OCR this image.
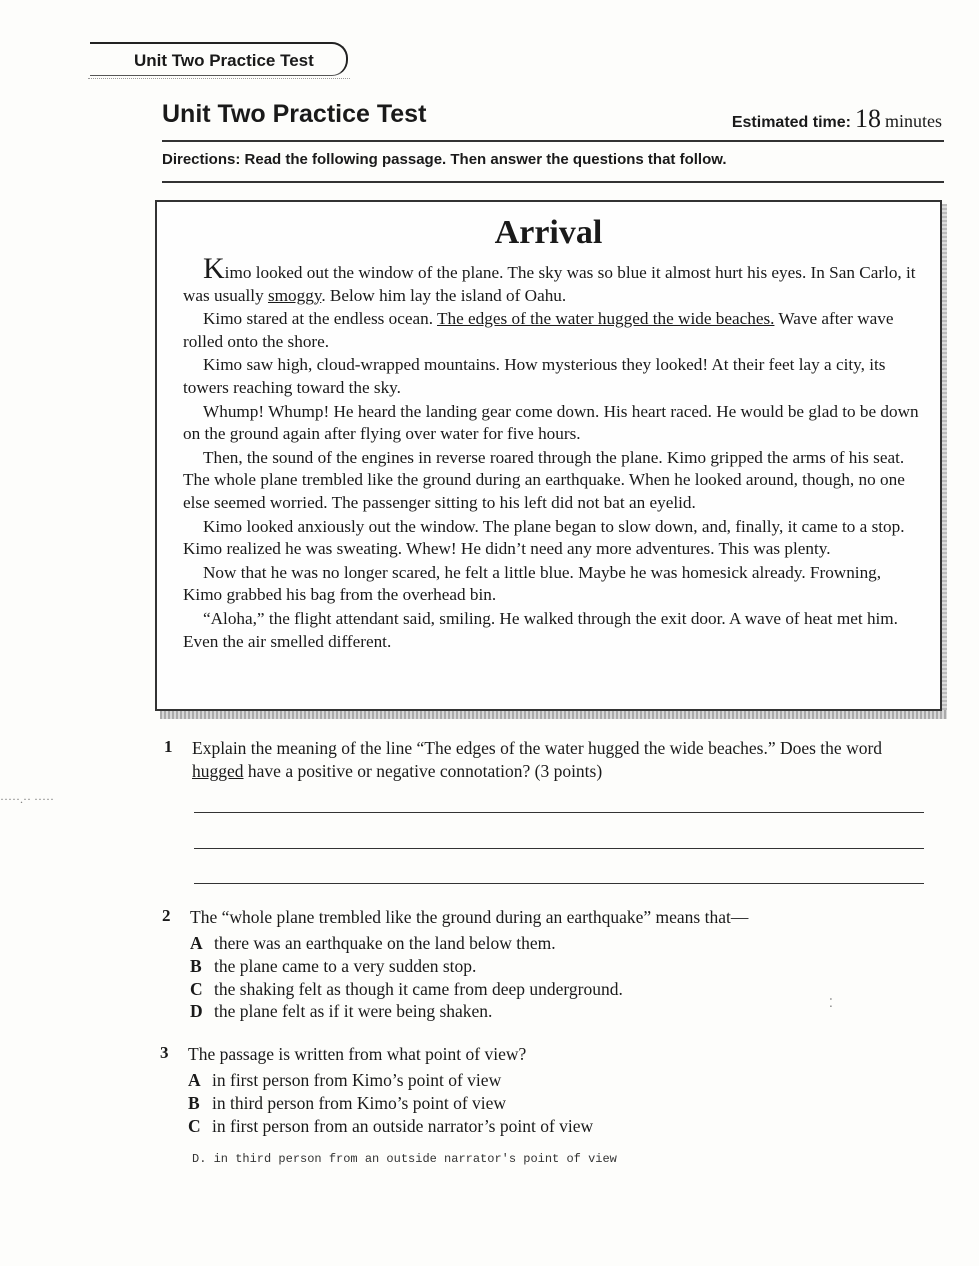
Unit Two Practice Test
Unit Two Practice Test	Estimated time: 18 minutes
Directions: Read the following passage. Then answer the questions that follow.
Arrival

Kimo looked out the window of the plane. The sky was so blue it almost hurt his eyes. In San Carlo, it was usually smoggy. Below him lay the island of Oahu.

Kimo stared at the endless ocean. The edges of the water hugged the wide beaches. Wave after wave rolled onto the shore.

Kimo saw high, cloud-wrapped mountains. How mysterious they looked! At their feet lay a city, its towers reaching toward the sky.

Whump! Whump! He heard the landing gear come down. His heart raced. He would be glad to be down on the ground again after flying over water for five hours.

Then, the sound of the engines in reverse roared through the plane. Kimo gripped the arms of his seat. The whole plane trembled like the ground during an earthquake. When he looked around, though, no one else seemed worried. The passenger sitting to his left did not bat an eyelid.

Kimo looked anxiously out the window. The plane began to slow down, and, finally, it came to a stop. Kimo realized he was sweating. Whew! He didn’t need any more adventures. This was plenty.

Now that he was no longer scared, he felt a little blue. Maybe he was homesick already. Frowning, Kimo grabbed his bag from the overhead bin.

“Aloha,” the flight attendant said, smiling. He walked through the exit door. A wave of heat met him. Even the air smelled different.

1 Explain the meaning of the line “The edges of the water hugged the wide beaches.” Does the word hugged have a positive or negative connotation? (3 points)
2 The “whole plane trembled like the ground during an earthquake” means that—
A there was an earthquake on the land below them.
B the plane came to a very sudden stop.
C the shaking felt as though it came from deep underground.
D the plane felt as if it were being shaken.
3 The passage is written from what point of view?
A in first person from Kimo’s point of view
B in third person from Kimo’s point of view
C in first person from an outside narrator’s point of view
D. in third person from an outside narrator's point of view
·····.·· ·····
⁚
